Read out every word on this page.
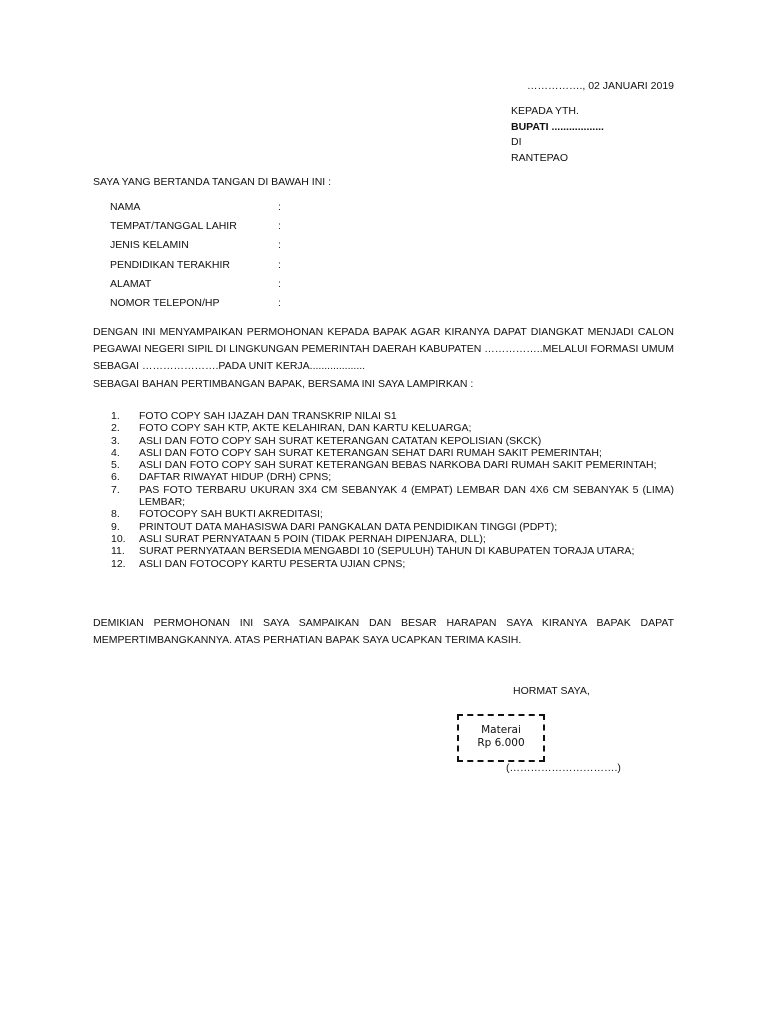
……………., 02 JANUARI 2019
KEPADA YTH.
BUPATI ..................
DI
RANTEPAO
SAYA YANG BERTANDA TANGAN DI BAWAH INI :
NAMA	:
TEMPAT/TANGGAL LAHIR	:
JENIS KELAMIN	:
PENDIDIKAN TERAKHIR	:
ALAMAT	:
NOMOR TELEPON/HP	:
DENGAN INI MENYAMPAIKAN PERMOHONAN KEPADA BAPAK AGAR KIRANYA DAPAT DIANGKAT MENJADI CALON PEGAWAI NEGERI SIPIL DI LINGKUNGAN PEMERINTAH DAERAH KABUPATEN ……………..MELALUI FORMASI UMUM SEBAGAI ………………….PADA UNIT KERJA...................
SEBAGAI BAHAN PERTIMBANGAN BAPAK, BERSAMA INI SAYA LAMPIRKAN :
1.	FOTO COPY SAH IJAZAH DAN TRANSKRIP NILAI S1
2.	FOTO COPY SAH KTP, AKTE KELAHIRAN, DAN KARTU KELUARGA;
3.	ASLI DAN FOTO COPY SAH SURAT KETERANGAN CATATAN KEPOLISIAN (SKCK)
4.	ASLI DAN FOTO COPY SAH SURAT KETERANGAN SEHAT DARI RUMAH SAKIT PEMERINTAH;
5.	ASLI DAN FOTO COPY SAH SURAT KETERANGAN BEBAS NARKOBA DARI RUMAH SAKIT PEMERINTAH;
6.	DAFTAR RIWAYAT HIDUP (DRH) CPNS;
7.	PAS FOTO TERBARU UKURAN 3X4 CM SEBANYAK 4 (EMPAT) LEMBAR DAN 4X6 CM SEBANYAK 5 (LIMA) LEMBAR;
8.	FOTOCOPY SAH BUKTI AKREDITASI;
9.	PRINTOUT DATA MAHASISWA DARI PANGKALAN DATA PENDIDIKAN TINGGI (PDPT);
10.	ASLI SURAT PERNYATAAN 5 POIN (TIDAK PERNAH DIPENJARA, DLL);
11.	SURAT PERNYATAAN BERSEDIA MENGABDI 10 (SEPULUH) TAHUN DI KABUPATEN TORAJA UTARA;
12.	ASLI DAN FOTOCOPY KARTU PESERTA UJIAN CPNS;
DEMIKIAN PERMOHONAN INI SAYA SAMPAIKAN DAN BESAR HARAPAN SAYA KIRANYA BAPAK DAPAT MEMPERTIMBANGKANNYA. ATAS PERHATIAN BAPAK SAYA UCAPKAN TERIMA KASIH.
HORMAT SAYA,
Materai
Rp 6.000
(………………………….)
